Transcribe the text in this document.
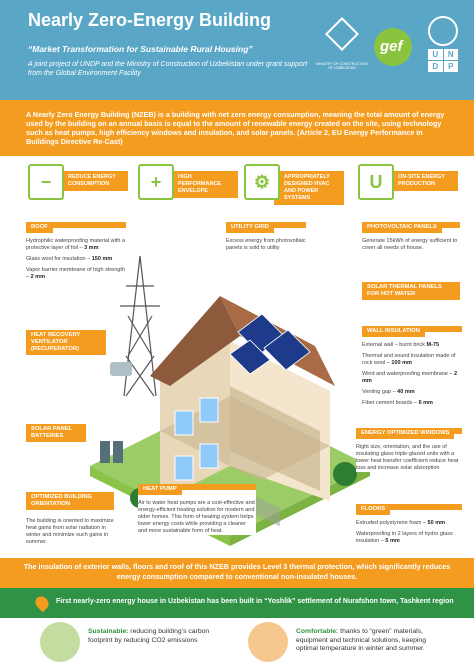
Nearly Zero-Energy Building
“Market Transformation for Sustainable Rural Housing”
A joint project of UNDP and the Ministry of Construction of Uzbekistan under grant support from the Global Environment Facility
MINISTRY OF CONSTRUCTION OF UZBEKISTAN
gef	U	N
D	P
A Nearly Zero Energy Building (NZEB) is a building with net zero energy consumption, meaning the total amount of energy used by the building on an annual basis is equal to the amount of renewable energy created on the site, using technology such as heat pumps, high efficiency windows and insulation, and solar panels. (Article 2, EU Energy Performance in Buildings Directive Re-Cast)
REDUCE ENERGY CONSUMPTION
−	HIGH PERFORMANCE ENVELOPE
+	APPROPRIATELY DESIGNED HVAC AND POWER SYSTEMS
⚙	ON-SITE ENERGY PRODUCTION
U
ROOF
Hydrophilic waterproofing material with a protective layer of foil – 3 mm
Glass wool for insulation – 150 mm
Vapor barrier membrane of high strength – 2 mm
UTILITY GRID
Excess energy from photovoltaic panels is sold to utility
PHOTOVOLTAIC PANELS
Generate 15kWh of energy sufficient to cover all needs of house.
SOLAR THERMAL PANELS FOR HOT WATER
HEAT RECOVERY VENTILATOR (RECUPERATOR)
WALL INSULATION
External wall – burnt brick M-75
Thermal and sound insulation made of rock wool – 100 mm
Wind and waterproofing membrane – 2 mm
Venting gap – 40 mm
Fiber cement boards – 6 mm
SOLAR PANEL BATTERIES	ENERGY OPTIMIZED WINDOWS
Right size, orientation, and the use of insulating glass triple-glazed units with a lower heat transfer coefficient reduce heat loss and increase solar absorption
OPTIMIZED BUILDING ORIENTATION
The building is oriented to maximize heat gains from solar radiation in winter and minimize such gains in summer.
HEAT PUMP
Air to water heat pumps are a cost-effective and energy-efficient heating solution for modern and older homes. This form of heating system helps lower energy costs while providing a cleaner and more sustainable form of heat.
FLOORS
Extruded polystyrene foam – 50 mm
Waterproofing in 2 layers of hydro glass insulation – 5 mm
The insulation of exterior walls, floors and roof of this NZEB provides Level 3 thermal protection, which significantly reduces energy consumption compared to conventional non-insulated houses.
First nearly-zero energy house in Uzbekistan has been built in “Yoshlik” settlement of Nurafshon town, Tashkent region
Sustainable: reducing building’s carbon footprint by reducing CO2 emissions
Comfortable: thanks to “green” materials, equipment and technical solutions, keeping optimal temperature in winter and summer.
